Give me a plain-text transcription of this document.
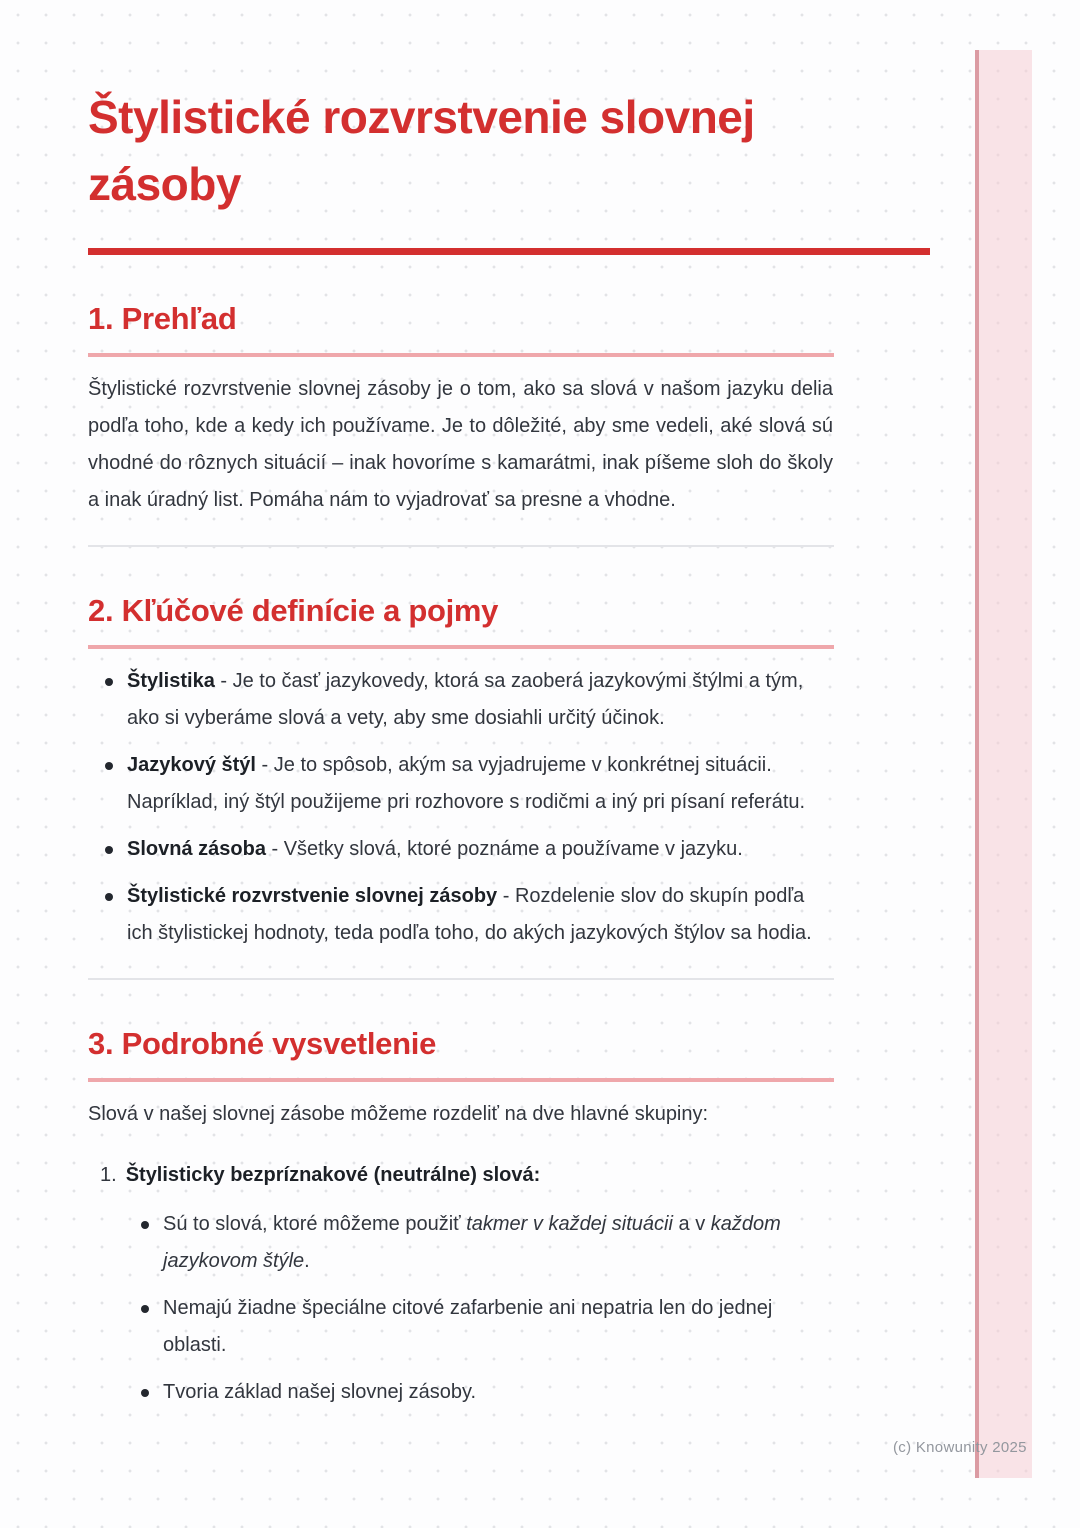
Štylistické rozvrstvenie slovnej zásoby
1. Prehľad

Štylistické rozvrstvenie slovnej zásoby je o tom, ako sa slová v našom jazyku delia podľa toho, kde a kedy ich používame. Je to dôležité, aby sme vedeli, aké slová sú vhodné do rôznych situácií – inak hovoríme s kamarátmi, inak píšeme sloh do školy a inak úradný list. Pomáha nám to vyjadrovať sa presne a vhodne.

2. Kľúčové definície a pojmy
Štylistika - Je to časť jazykovedy, ktorá sa zaoberá jazykovými štýlmi a tým, ako si vyberáme slová a vety, aby sme dosiahli určitý účinok.
Jazykový štýl - Je to spôsob, akým sa vyjadrujeme v konkrétnej situácii. Napríklad, iný štýl použijeme pri rozhovore s rodičmi a iný pri písaní referátu.
Slovná zásoba - Všetky slová, ktoré poznáme a používame v jazyku.
Štylistické rozvrstvenie slovnej zásoby - Rozdelenie slov do skupín podľa ich štylistickej hodnoty, teda podľa toho, do akých jazykových štýlov sa hodia.
3. Podrobné vysvetlenie

Slová v našej slovnej zásobe môžeme rozdeliť na dve hlavné skupiny:

1. Štylisticky bezpríznakové (neutrálne) slová:
Sú to slová, ktoré môžeme použiť takmer v každej situácii a v každom jazykovom štýle.
Nemajú žiadne špeciálne citové zafarbenie ani nepatria len do jednej oblasti.
Tvoria základ našej slovnej zásoby.
(c) Knowunity 2025
